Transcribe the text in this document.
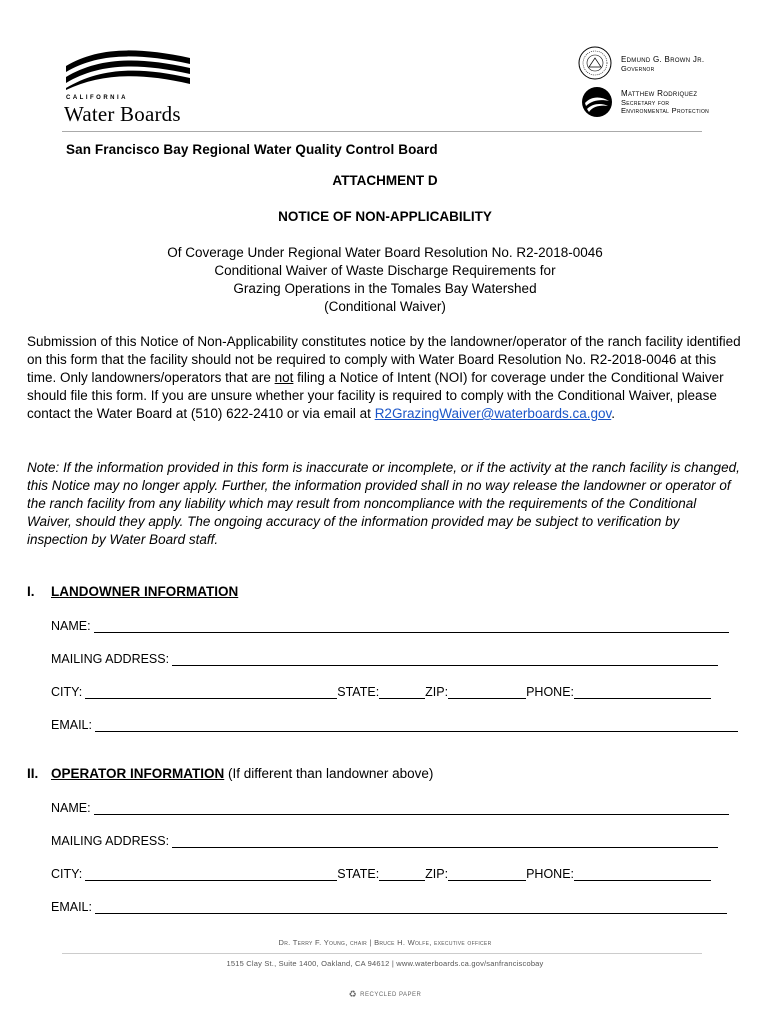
CALIFORNIA
Water Boards
Edmund G. Brown Jr.
Governor
Matthew Rodriquez
Secretary for
Environmental Protection
San Francisco Bay Regional Water Quality Control Board
ATTACHMENT D
NOTICE OF NON-APPLICABILITY
Of Coverage Under Regional Water Board Resolution No. R2-2018-0046
Conditional Waiver of Waste Discharge Requirements for
Grazing Operations in the Tomales Bay Watershed
(Conditional Waiver)
Submission of this Notice of Non-Applicability constitutes notice by the landowner/operator of the ranch facility identified on this form that the facility should not be required to comply with Water Board Resolution No. R2-2018-0046 at this time. Only landowners/operators that are not filing a Notice of Intent (NOI) for coverage under the Conditional Waiver should file this form. If you are unsure whether your facility is required to comply with the Conditional Waiver, please contact the Water Board at (510) 622-2410 or via email at R2GrazingWaiver@waterboards.ca.gov.
Note: If the information provided in this form is inaccurate or incomplete, or if the activity at the ranch facility is changed, this Notice may no longer apply. Further, the information provided shall in no way release the landowner or operator of the ranch facility from any liability which may result from noncompliance with the requirements of the Conditional Waiver, should they apply. The ongoing accuracy of the information provided may be subject to verification by inspection by Water Board staff.
I. LANDOWNER INFORMATION
NAME:
MAILING ADDRESS:
CITY:	STATE:	ZIP:	PHONE:
EMAIL:
II. OPERATOR INFORMATION (If different than landowner above)
NAME:
MAILING ADDRESS:
CITY:	STATE:	ZIP:	PHONE:
EMAIL:
Dr. Terry F. Young, chair | Bruce H. Wolfe, executive officer
1515 Clay St., Suite 1400, Oakland, CA 94612 | www.waterboards.ca.gov/sanfranciscobay
♻ RECYCLED PAPER
